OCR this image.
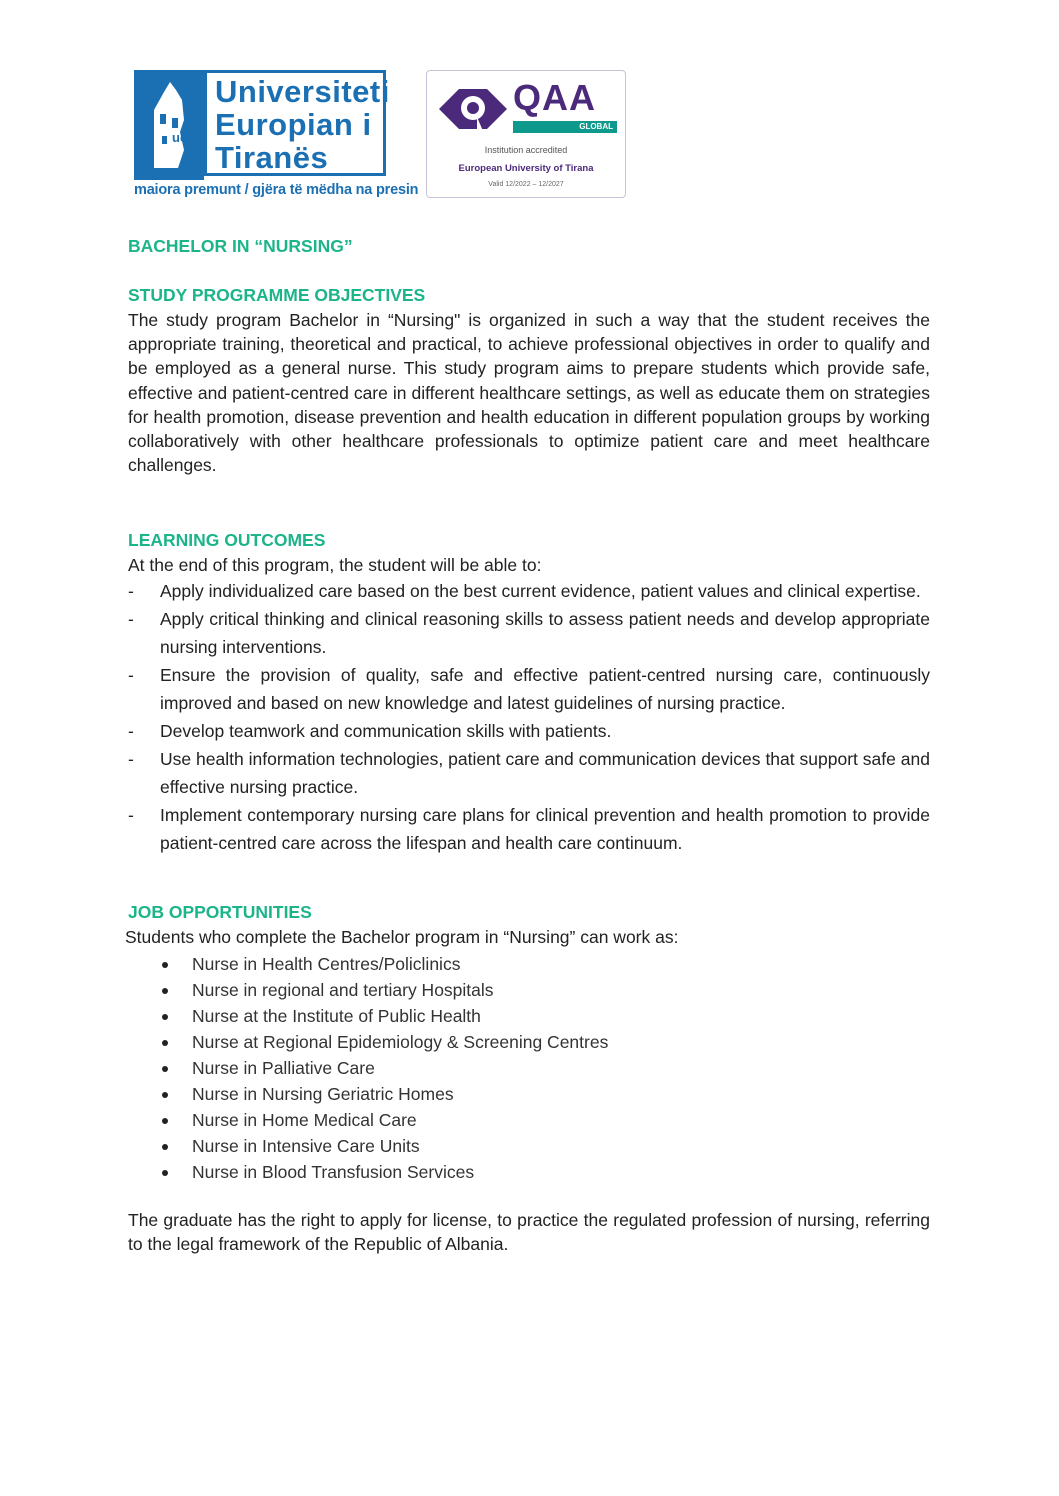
uet
Universiteti
Europian i
Tiranës
maiora premunt / gjëra të mëdha na presin
QAA
GLOBAL
Institution accredited
European University of Tirana
Valid 12/2022 – 12/2027

BACHELOR IN “NURSING”

STUDY PROGRAMME OBJECTIVES

The study program Bachelor in “Nursing" is organized in such a way that the student receives the appropriate training, theoretical and practical, to achieve professional objectives in order to qualify and be employed as a general nurse. This study program aims to prepare students which provide safe, effective and patient-centred care in different healthcare settings, as well as educate them on strategies for health promotion, disease prevention and health education in different population groups by working collaboratively with other healthcare professionals to optimize patient care and meet healthcare challenges.

LEARNING OUTCOMES

At the end of this program, the student will be able to:

- Apply individualized care based on the best current evidence, patient values and clinical expertise.
- Apply critical thinking and clinical reasoning skills to assess patient needs and develop appropriate nursing interventions.
- Ensure the provision of quality, safe and effective patient-centred nursing care, continuously improved and based on new knowledge and latest guidelines of nursing practice.
- Develop teamwork and communication skills with patients.
- Use health information technologies, patient care and communication devices that support safe and effective nursing practice.
- Implement contemporary nursing care plans for clinical prevention and health promotion to provide patient-centred care across the lifespan and health care continuum.

JOB OPPORTUNITIES

Students who complete the Bachelor program in “Nursing” can work as:

Nurse in Health Centres/Policlinics
Nurse in regional and tertiary Hospitals
Nurse at the Institute of Public Health
Nurse at Regional Epidemiology & Screening Centres
Nurse in Palliative Care
Nurse in Nursing Geriatric Homes
Nurse in Home Medical Care
Nurse in Intensive Care Units
Nurse in Blood Transfusion Services

The graduate has the right to apply for license, to practice the regulated profession of nursing, referring to the legal framework of the Republic of Albania.
